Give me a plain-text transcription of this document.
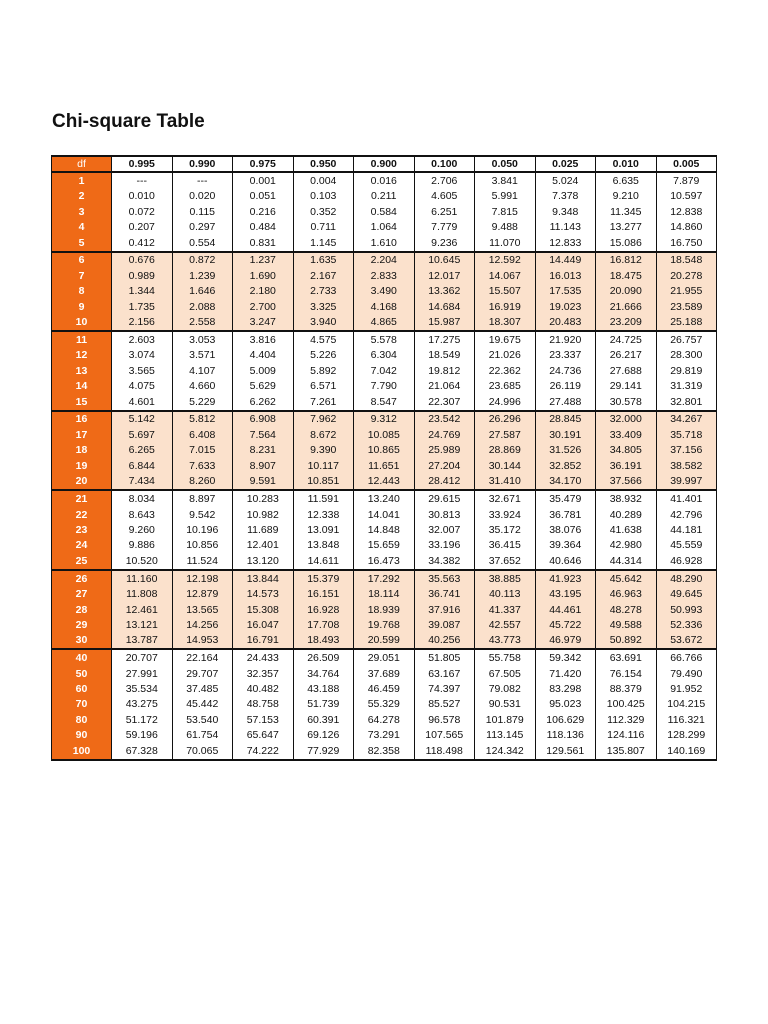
Chi-square Table
df	0.995	0.990	0.975	0.950	0.900	0.100	0.050	0.025	0.010	0.005
1	---	---	0.001	0.004	0.016	2.706	3.841	5.024	6.635	7.879
2	0.010	0.020	0.051	0.103	0.211	4.605	5.991	7.378	9.210	10.597
3	0.072	0.115	0.216	0.352	0.584	6.251	7.815	9.348	11.345	12.838
4	0.207	0.297	0.484	0.711	1.064	7.779	9.488	11.143	13.277	14.860
5	0.412	0.554	0.831	1.145	1.610	9.236	11.070	12.833	15.086	16.750
6	0.676	0.872	1.237	1.635	2.204	10.645	12.592	14.449	16.812	18.548
7	0.989	1.239	1.690	2.167	2.833	12.017	14.067	16.013	18.475	20.278
8	1.344	1.646	2.180	2.733	3.490	13.362	15.507	17.535	20.090	21.955
9	1.735	2.088	2.700	3.325	4.168	14.684	16.919	19.023	21.666	23.589
10	2.156	2.558	3.247	3.940	4.865	15.987	18.307	20.483	23.209	25.188
11	2.603	3.053	3.816	4.575	5.578	17.275	19.675	21.920	24.725	26.757
12	3.074	3.571	4.404	5.226	6.304	18.549	21.026	23.337	26.217	28.300
13	3.565	4.107	5.009	5.892	7.042	19.812	22.362	24.736	27.688	29.819
14	4.075	4.660	5.629	6.571	7.790	21.064	23.685	26.119	29.141	31.319
15	4.601	5.229	6.262	7.261	8.547	22.307	24.996	27.488	30.578	32.801
16	5.142	5.812	6.908	7.962	9.312	23.542	26.296	28.845	32.000	34.267
17	5.697	6.408	7.564	8.672	10.085	24.769	27.587	30.191	33.409	35.718
18	6.265	7.015	8.231	9.390	10.865	25.989	28.869	31.526	34.805	37.156
19	6.844	7.633	8.907	10.117	11.651	27.204	30.144	32.852	36.191	38.582
20	7.434	8.260	9.591	10.851	12.443	28.412	31.410	34.170	37.566	39.997
21	8.034	8.897	10.283	11.591	13.240	29.615	32.671	35.479	38.932	41.401
22	8.643	9.542	10.982	12.338	14.041	30.813	33.924	36.781	40.289	42.796
23	9.260	10.196	11.689	13.091	14.848	32.007	35.172	38.076	41.638	44.181
24	9.886	10.856	12.401	13.848	15.659	33.196	36.415	39.364	42.980	45.559
25	10.520	11.524	13.120	14.611	16.473	34.382	37.652	40.646	44.314	46.928
26	11.160	12.198	13.844	15.379	17.292	35.563	38.885	41.923	45.642	48.290
27	11.808	12.879	14.573	16.151	18.114	36.741	40.113	43.195	46.963	49.645
28	12.461	13.565	15.308	16.928	18.939	37.916	41.337	44.461	48.278	50.993
29	13.121	14.256	16.047	17.708	19.768	39.087	42.557	45.722	49.588	52.336
30	13.787	14.953	16.791	18.493	20.599	40.256	43.773	46.979	50.892	53.672
40	20.707	22.164	24.433	26.509	29.051	51.805	55.758	59.342	63.691	66.766
50	27.991	29.707	32.357	34.764	37.689	63.167	67.505	71.420	76.154	79.490
60	35.534	37.485	40.482	43.188	46.459	74.397	79.082	83.298	88.379	91.952
70	43.275	45.442	48.758	51.739	55.329	85.527	90.531	95.023	100.425	104.215
80	51.172	53.540	57.153	60.391	64.278	96.578	101.879	106.629	112.329	116.321
90	59.196	61.754	65.647	69.126	73.291	107.565	113.145	118.136	124.116	128.299
100	67.328	70.065	74.222	77.929	82.358	118.498	124.342	129.561	135.807	140.169
